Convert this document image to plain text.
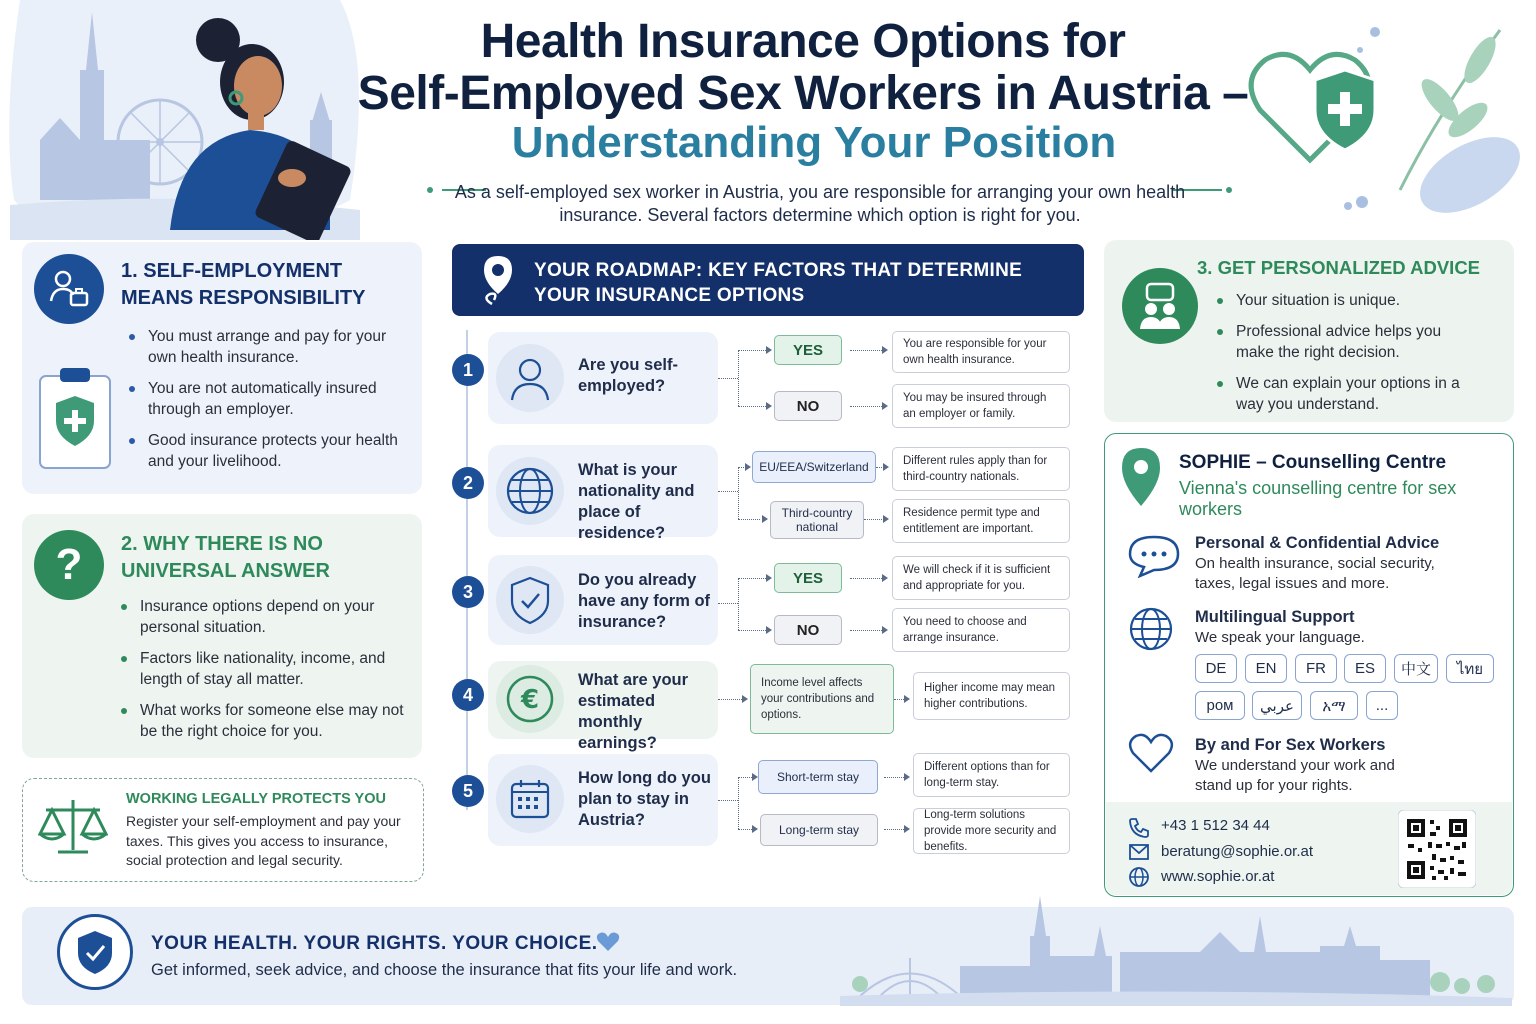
Health Insurance Options for
Self-Employed Sex Workers in Austria –
Understanding Your Position
As a self-employed sex worker in Austria, you are responsible for arranging your own health insurance. Several factors determine which option is right for you.
1. SELF-EMPLOYMENT MEANS RESPONSIBILITY
You must arrange and pay for your own health insurance.
You are not automatically insured through an employer.
Good insurance protects your health and your livelihood.
?	2. WHY THERE IS NO UNIVERSAL ANSWER
Insurance options depend on your personal situation.
Factors like nationality, income, and length of stay all matter.
What works for someone else may not be the right choice for you.
WORKING LEGALLY PROTECTS YOU
Register your self-employment and pay your taxes. This gives you access to insurance, social protection and legal security.
YOUR ROADMAP: KEY FACTORS THAT DETERMINE YOUR INSURANCE OPTIONS
1	Are you self-employed?
2
What is your nationality and place of residence?
3
Do you already have any form of insurance?
4	€
What are your estimated monthly earnings?
5
How long do you plan to stay in Austria?
YES
NO
You are responsible for your own health insurance.
You may be insured through an employer or family.
EU/EEA/Switzerland
Third-country national
Different rules apply than for third-country nationals.
Residence permit type and entitlement are important.
YES
NO
We will check if it is sufficient and appropriate for you.
You need to choose and arrange insurance.
Income level affects your contributions and options.
Higher income may mean higher contributions.
Short-term stay
Long-term stay
Different options than for long-term stay.
Long-term solutions provide more security and benefits.
3. GET PERSONALIZED ADVICE
Your situation is unique.
Professional advice helps you make the right decision.
We can explain your options in a way you understand.
SOPHIE – Counselling Centre
Vienna's counselling centre for sex workers
Personal & Confidential Advice
On health insurance, social security, taxes, legal issues and more.
Multilingual Support
We speak your language.
DE	EN	FR	ES	中文	ไทย
ром	عربي	አማ	...
By and For Sex Workers
We understand your work and stand up for your rights.
+43 1 512 34 44
beratung@sophie.or.at
www.sophie.or.at
YOUR HEALTH. YOUR RIGHTS. YOUR CHOICE.
Get informed, seek advice, and choose the insurance that fits your life and work.
